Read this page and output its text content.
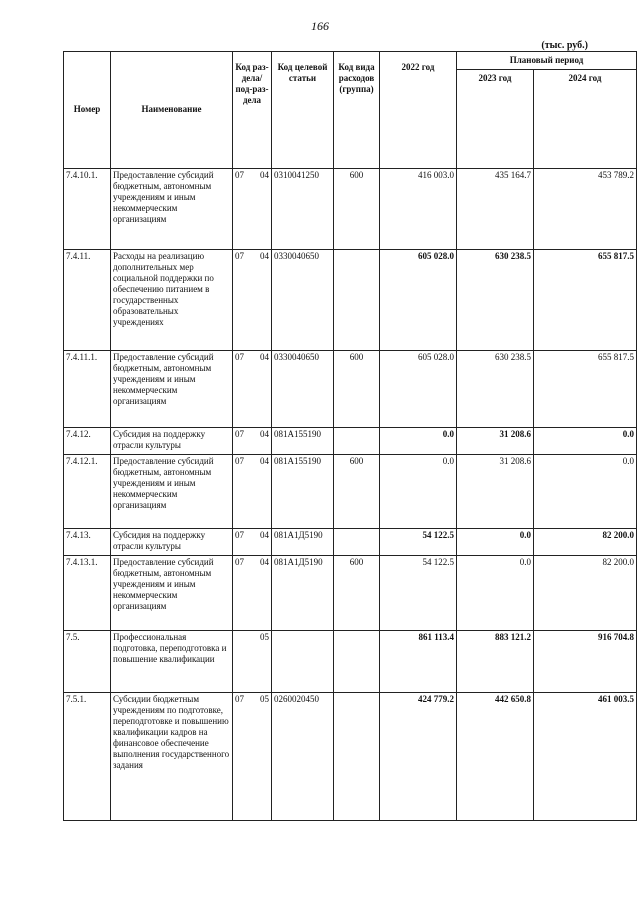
166
(тыс. руб.)
Номер	Наименование	Код раз-дела/ под-раз-дела	Код целевой статьи	Код вида расходов (группа)	2022 год	Плановый период	
						2023 год	2024 год
7.4.10.1.	Предоставление субсидий бюджетным, автономным учреждениям и иным некоммерческим организациям	07 04	0310041250	600	416 003.0	435 164.7	453 789.2
7.4.11.	Расходы на реализацию дополнительных мер социальной поддержки по обеспечению питанием в государственных образовательных учреждениях	07 04	0330040650		605 028.0	630 238.5	655 817.5
7.4.11.1.	Предоставление субсидий бюджетным, автономным учреждениям и иным некоммерческим организациям	07 04	0330040650	600	605 028.0	630 238.5	655 817.5
7.4.12.	Субсидия на поддержку отрасли культуры	07 04	081A155190		0.0	31 208.6	0.0
7.4.12.1.	Предоставление субсидий бюджетным, автономным учреждениям и иным некоммерческим организациям	07 04	081A155190	600	0.0	31 208.6	0.0
7.4.13.	Субсидия на поддержку отрасли культуры	07 04	081A1Д5190		54 122.5	0.0	82 200.0
7.4.13.1.	Предоставление субсидий бюджетным, автономным учреждениям и иным некоммерческим организациям	07 04	081A1Д5190	600	54 122.5	0.0	82 200.0
7.5.	Профессиональная подготовка, переподготовка и повышение квалификации	05			861 113.4	883 121.2	916 704.8
7.5.1.	Субсидии бюджетным учреждениям по подготовке, переподготовке и повышению квалификации кадров на финансовое обеспечение выполнения государственного задания	07 05	0260020450		424 779.2	442 650.8	461 003.5
